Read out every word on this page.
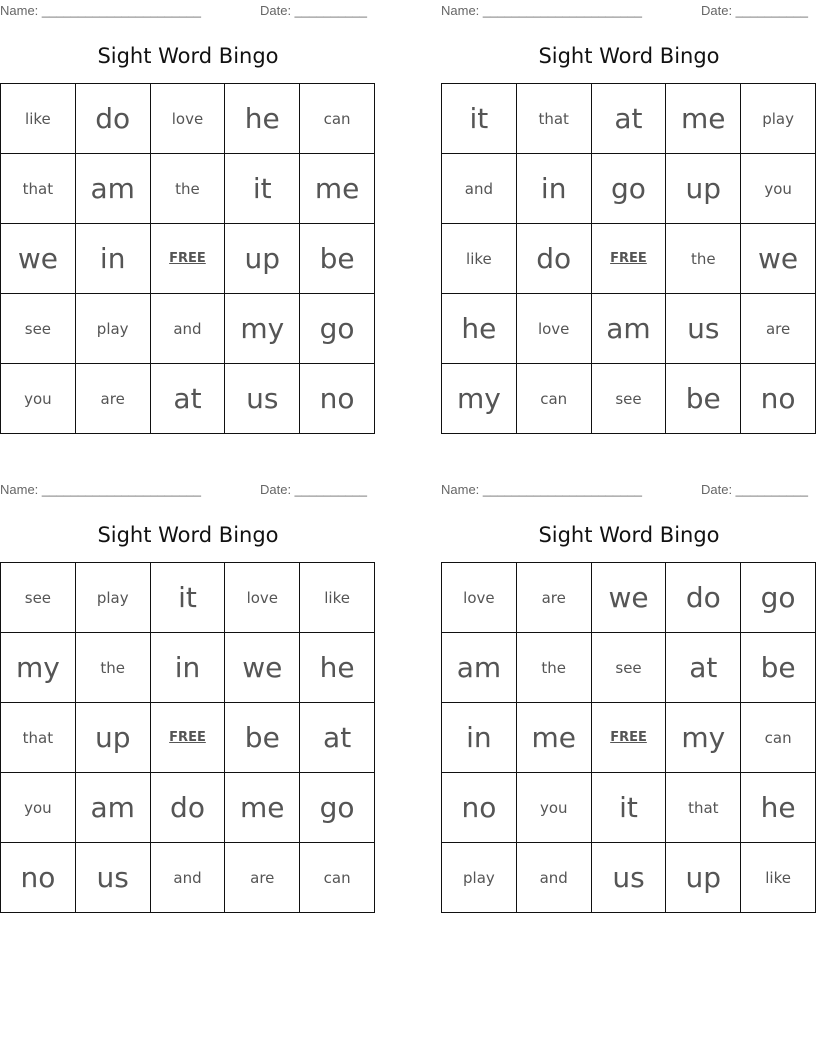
Name: ______________________	Date: __________
Sight Word Bingo
like	do	love	he	can
that	am	the	it	me
we	in	FREE	up	be
see	play	and	my	go
you	are	at	us	no
Name: ______________________	Date: __________
Sight Word Bingo
it	that	at	me	play
and	in	go	up	you
like	do	FREE	the	we
he	love	am	us	are
my	can	see	be	no
Name: ______________________	Date: __________
Sight Word Bingo
see	play	it	love	like
my	the	in	we	he
that	up	FREE	be	at
you	am	do	me	go
no	us	and	are	can
Name: ______________________	Date: __________
Sight Word Bingo
love	are	we	do	go
am	the	see	at	be
in	me	FREE	my	can
no	you	it	that	he
play	and	us	up	like
